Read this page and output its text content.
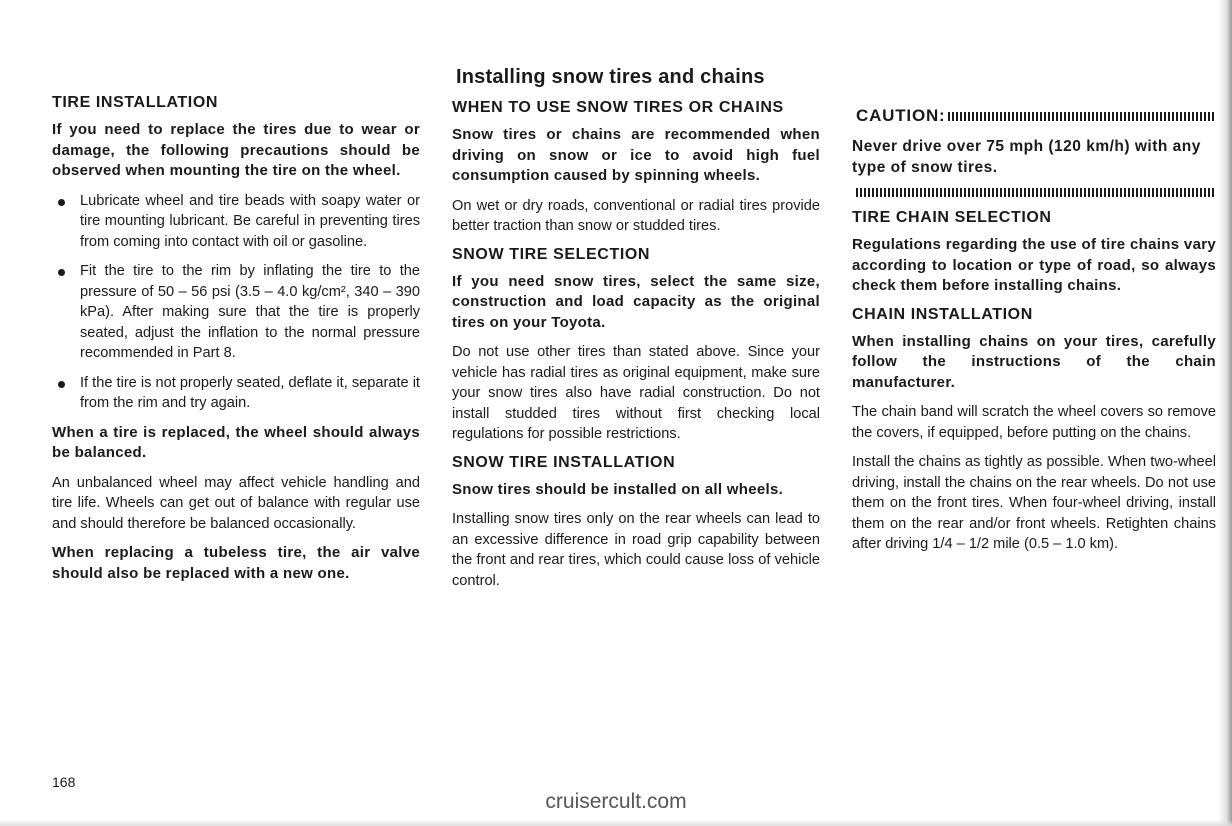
TIRE INSTALLATION

If you need to replace the tires due to wear or damage, the following precautions should be observed when mounting the tire on the wheel.

Lubricate wheel and tire beads with soapy water or tire mounting lubricant. Be careful in preventing tires from coming into contact with oil or gasoline.
Fit the tire to the rim by inflating the tire to the pressure of 50 – 56 psi (3.5 – 4.0 kg/cm², 340 – 390 kPa). After making sure that the tire is properly seated, adjust the inflation to the normal pressure recommended in Part 8.
If the tire is not properly seated, deflate it, separate it from the rim and try again.

When a tire is replaced, the wheel should always be balanced.

An unbalanced wheel may affect vehicle handling and tire life. Wheels can get out of balance with regular use and should therefore be balanced occasionally.

When replacing a tubeless tire, the air valve should also be replaced with a new one.

Installing snow tires and chains
WHEN TO USE SNOW TIRES OR CHAINS

Snow tires or chains are recommended when driving on snow or ice to avoid high fuel consumption caused by spinning wheels.

On wet or dry roads, conventional or radial tires provide better traction than snow or studded tires.

SNOW TIRE SELECTION

If you need snow tires, select the same size, construction and load capacity as the original tires on your Toyota.

Do not use other tires than stated above. Since your vehicle has radial tires as original equipment, make sure your snow tires also have radial construction. Do not install studded tires without first checking local regulations for possible restrictions.

SNOW TIRE INSTALLATION

Snow tires should be installed on all wheels.

Installing snow tires only on the rear wheels can lead to an excessive difference in road grip capability between the front and rear tires, which could cause loss of vehicle control.

CAUTION:

Never drive over 75 mph (120 km/h) with any type of snow tires.

TIRE CHAIN SELECTION

Regulations regarding the use of tire chains vary according to location or type of road, so always check them before installing chains.

CHAIN INSTALLATION

When installing chains on your tires, carefully follow the instructions of the chain manufacturer.

The chain band will scratch the wheel covers so remove the covers, if equipped, before putting on the chains.

Install the chains as tightly as possible. When two-wheel driving, install the chains on the rear wheels. Do not use them on the front tires. When four-wheel driving, install them on the rear and/or front wheels. Retighten chains after driving 1/4 – 1/2 mile (0.5 – 1.0 km).

168
cruisercult.com
